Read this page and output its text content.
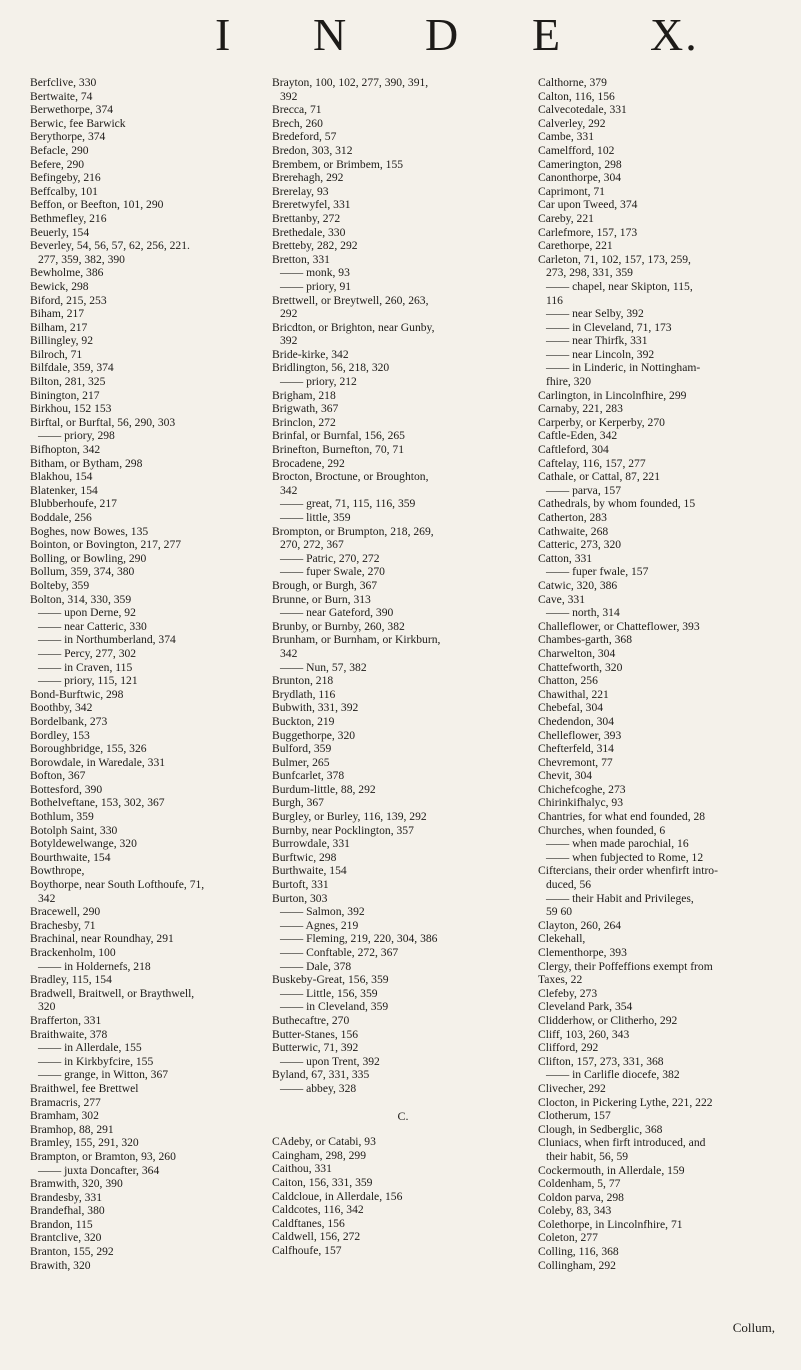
I N D E X.
Berfclive, 330
Bertwaite, 74
Berwethorpe, 374
Berwic, fee Barwick
Berythorpe, 374
Befacle, 290
Befere, 290
Befingeby, 216
Beffcalby, 101
Beffon, or Beefton, 101, 290
Bethmefley, 216
Beuerly, 154
Beverley, 54, 56, 57, 62, 256, 221.
277, 359, 382, 390
Bewholme, 386
Bewick, 298
Biford, 215, 253
Biham, 217
Bilham, 217
Billingley, 92
Bilroch, 71
Bilfdale, 359, 374
Bilton, 281, 325
Binington, 217
Birkhou, 152 153
Birftal, or Burftal, 56, 290, 303
—— priory, 298
Bifhopton, 342
Bitham, or Bytham, 298
Blakhou, 154
Blatenker, 154
Blubberhoufe, 217
Boddale, 256
Boghes, now Bowes, 135
Bointon, or Bovington, 217, 277
Bolling, or Bowling, 290
Bollum, 359, 374, 380
Bolteby, 359
Bolton, 314, 330, 359
—— upon Derne, 92
—— near Catteric, 330
—— in Northumberland, 374
—— Percy, 277, 302
—— in Craven, 115
—— priory, 115, 121
Bond-Burftwic, 298
Boothby, 342
Bordelbank, 273
Bordley, 153
Boroughbridge, 155, 326
Borowdale, in Waredale, 331
Bofton, 367
Bottesford, 390
Bothelveftane, 153, 302, 367
Bothlum, 359
Botolph Saint, 330
Botyldewelwange, 320
Bourthwaite, 154
Bowthrope,
Boythorpe, near South Lofthoufe, 71,
342
Bracewell, 290
Brachesby, 71
Brachinal, near Roundhay, 291
Brackenholm, 100
—— in Holdernefs, 218
Bradley, 115, 154
Bradwell, Braitwell, or Braythwell,
320
Brafferton, 331
Braithwaite, 378
—— in Allerdale, 155
—— in Kirkbyfcire, 155
—— grange, in Witton, 367
Braithwel, fee Brettwel
Bramacris, 277
Bramham, 302
Bramhop, 88, 291
Bramley, 155, 291, 320
Brampton, or Bramton, 93, 260
—— juxta Doncafter, 364
Bramwith, 320, 390
Brandesby, 331
Brandefhal, 380
Brandon, 115
Brantclive, 320
Branton, 155, 292
Brawith, 320
Brayton, 100, 102, 277, 390, 391,
392
Brecca, 71
Brech, 260
Bredeford, 57
Bredon, 303, 312
Brembem, or Brimbem, 155
Brerehagh, 292
Brerelay, 93
Breretwyfel, 331
Brettanby, 272
Brethedale, 330
Bretteby, 282, 292
Bretton, 331
—— monk, 93
—— priory, 91
Brettwell, or Breytwell, 260, 263,
292
Bricdton, or Brighton, near Gunby,
392
Bride-kirke, 342
Bridlington, 56, 218, 320
—— priory, 212
Brigham, 218
Brigwath, 367
Brinclon, 272
Brinfal, or Burnfal, 156, 265
Brinefton, Burnefton, 70, 71
Brocadene, 292
Brocton, Broctune, or Broughton,
342
—— great, 71, 115, 116, 359
—— little, 359
Brompton, or Brumpton, 218, 269,
270, 272, 367
—— Patric, 270, 272
—— fuper Swale, 270
Brough, or Burgh, 367
Brunne, or Burn, 313
—— near Gateford, 390
Brunby, or Burnby, 260, 382
Brunham, or Burnham, or Kirkburn,
342
—— Nun, 57, 382
Brunton, 218
Brydlath, 116
Bubwith, 331, 392
Buckton, 219
Buggethorpe, 320
Bulford, 359
Bulmer, 265
Bunfcarlet, 378
Burdum-little, 88, 292
Burgh, 367
Burgley, or Burley, 116, 139, 292
Burnby, near Pocklington, 357
Burrowdale, 331
Burftwic, 298
Burthwaite, 154
Burtoft, 331
Burton, 303
—— Salmon, 392
—— Agnes, 219
—— Fleming, 219, 220, 304, 386
—— Conftable, 272, 367
—— Dale, 378
Buskeby-Great, 156, 359
—— Little, 156, 359
—— in Cleveland, 359
Buthecaftre, 270
Butter-Stanes, 156
Butterwic, 71, 392
—— upon Trent, 392
Byland, 67, 331, 335
—— abbey, 328
C.
CAdeby, or Catabi, 93
Caingham, 298, 299
Caithou, 331
Caiton, 156, 331, 359
Caldcloue, in Allerdale, 156
Caldcotes, 116, 342
Caldftanes, 156
Caldwell, 156, 272
Calfhoufe, 157
Calthorne, 379
Calton, 116, 156
Calvecotedale, 331
Calverley, 292
Cambe, 331
Camelfford, 102
Camerington, 298
Canonthorpe, 304
Caprimont, 71
Car upon Tweed, 374
Careby, 221
Carlefmore, 157, 173
Carethorpe, 221
Carleton, 71, 102, 157, 173, 259,
273, 298, 331, 359
—— chapel, near Skipton, 115,
116
—— near Selby, 392
—— in Cleveland, 71, 173
—— near Thirfk, 331
—— near Lincoln, 392
—— in Linderic, in Nottingham-
fhire, 320
Carlington, in Lincolnfhire, 299
Carnaby, 221, 283
Carperby, or Kerperby, 270
Caftle-Eden, 342
Caftleford, 304
Caftelay, 116, 157, 277
Cathale, or Cattal, 87, 221
—— parva, 157
Cathedrals, by whom founded, 15
Catherton, 283
Cathwaite, 268
Catteric, 273, 320
Catton, 331
—— fuper fwale, 157
Catwic, 320, 386
Cave, 331
—— north, 314
Challeflower, or Chatteflower, 393
Chambes-garth, 368
Charwelton, 304
Chattefworth, 320
Chatton, 256
Chawithal, 221
Chebefal, 304
Chedendon, 304
Chelleflower, 393
Chefterfeld, 314
Chevremont, 77
Chevit, 304
Chichefcoghe, 273
Chirinkifhalyc, 93
Chantries, for what end founded, 28
Churches, when founded, 6
—— when made parochial, 16
—— when fubjected to Rome, 12
Ciftercians, their order whenfirft intro-
duced, 56
—— their Habit and Privileges,
59 60
Clayton, 260, 264
Clekehall,
Clementhorpe, 393
Clergy, their Poffeffions exempt from
Taxes, 22
Clefeby, 273
Cleveland Park, 354
Clidderhow, or Clitherho, 292
Cliff, 103, 260, 343
Clifford, 292
Clifton, 157, 273, 331, 368
—— in Carlifle diocefe, 382
Clivecher, 292
Clocton, in Pickering Lythe, 221, 222
Clotherum, 157
Clough, in Sedberglic, 368
Cluniacs, when firft introduced, and
their habit, 56, 59
Cockermouth, in Allerdale, 159
Coldenham, 5, 77
Coldon parva, 298
Coleby, 83, 343
Colethorpe, in Lincolnfhire, 71
Coleton, 277
Colling, 116, 368
Collingham, 292
Collum,
